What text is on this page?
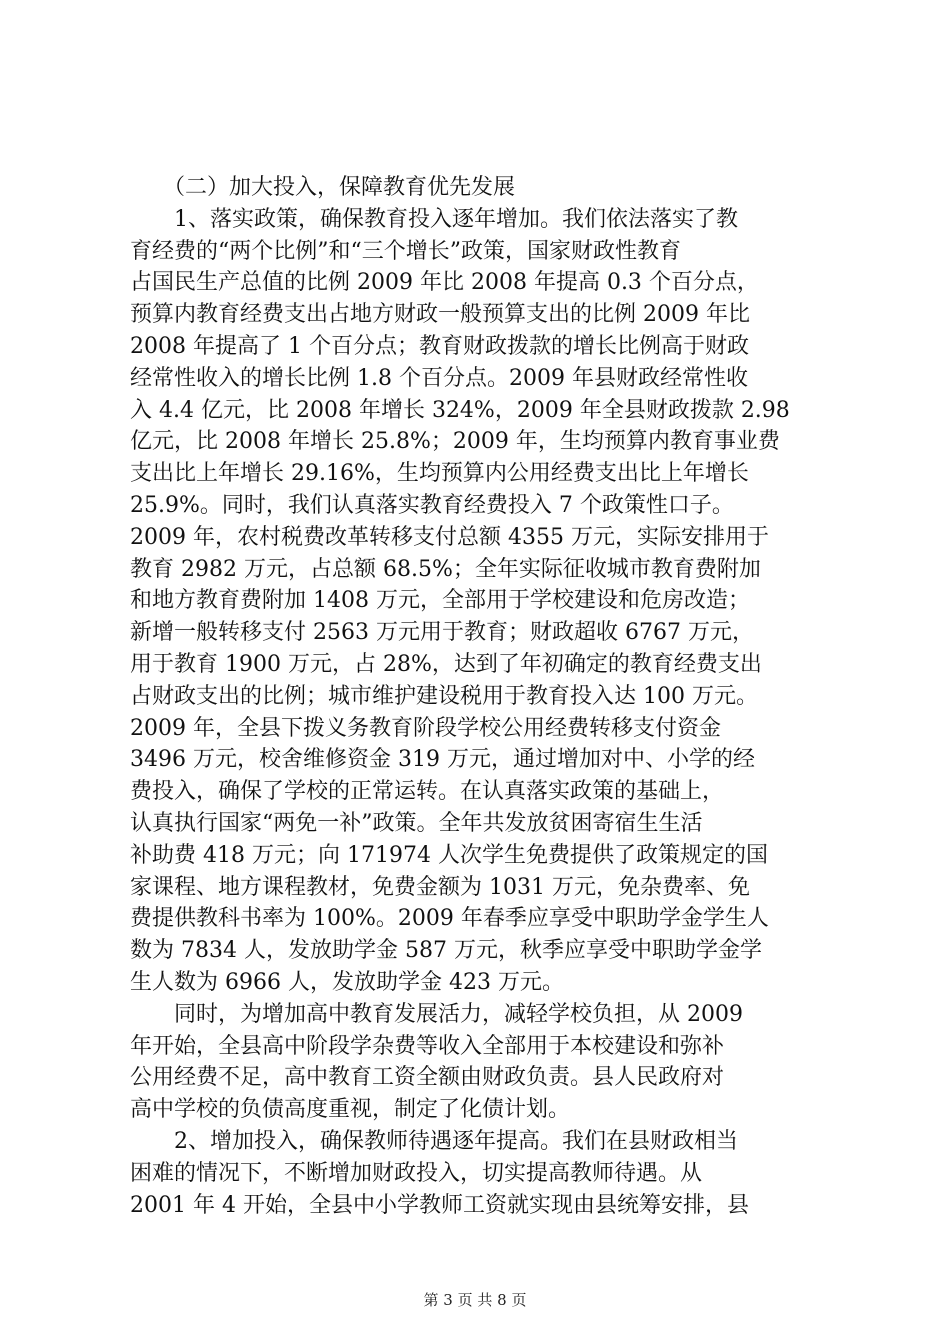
　　（二）加大投入，保障教育优先发展
　　1、落实政策，确保教育投入逐年增加。我们依法落实了教
育经费的“两个比例”和“三个增长”政策，国家财政性教育
占国民生产总值的比例 2009 年比 2008 年提高 0.3 个百分点，
预算内教育经费支出占地方财政一般预算支出的比例 2009 年比
2008 年提高了 1 个百分点；教育财政拨款的增长比例高于财政
经常性收入的增长比例 1.8 个百分点。2009 年县财政经常性收
入 4.4 亿元，比 2008 年增长 324%，2009 年全县财政拨款 2.98
亿元，比 2008 年增长 25.8%；2009 年，生均预算内教育事业费
支出比上年增长 29.16%，生均预算内公用经费支出比上年增长
25.9%。同时，我们认真落实教育经费投入 7 个政策性口子。
2009 年，农村税费改革转移支付总额 4355 万元，实际安排用于
教育 2982 万元，占总额 68.5%；全年实际征收城市教育费附加
和地方教育费附加 1408 万元，全部用于学校建设和危房改造；
新增一般转移支付 2563 万元用于教育；财政超收 6767 万元，
用于教育 1900 万元，占 28%，达到了年初确定的教育经费支出
占财政支出的比例；城市维护建设税用于教育投入达 100 万元。
2009 年，全县下拨义务教育阶段学校公用经费转移支付资金
3496 万元，校舍维修资金 319 万元，通过增加对中、小学的经
费投入，确保了学校的正常运转。在认真落实政策的基础上，
认真执行国家“两免一补”政策。全年共发放贫困寄宿生生活
补助费 418 万元；向 171974 人次学生免费提供了政策规定的国
家课程、地方课程教材，免费金额为 1031 万元，免杂费率、免
费提供教科书率为 100%。2009 年春季应享受中职助学金学生人
数为 7834 人，发放助学金 587 万元，秋季应享受中职助学金学
生人数为 6966 人，发放助学金 423 万元。
　　同时，为增加高中教育发展活力，减轻学校负担，从 2009
年开始，全县高中阶段学杂费等收入全部用于本校建设和弥补
公用经费不足，高中教育工资全额由财政负责。县人民政府对
高中学校的负债高度重视，制定了化债计划。
　　2、增加投入，确保教师待遇逐年提高。我们在县财政相当
困难的情况下，不断增加财政投入，切实提高教师待遇。从
2001 年 4 开始，全县中小学教师工资就实现由县统筹安排，县
第 3 页 共 8 页
